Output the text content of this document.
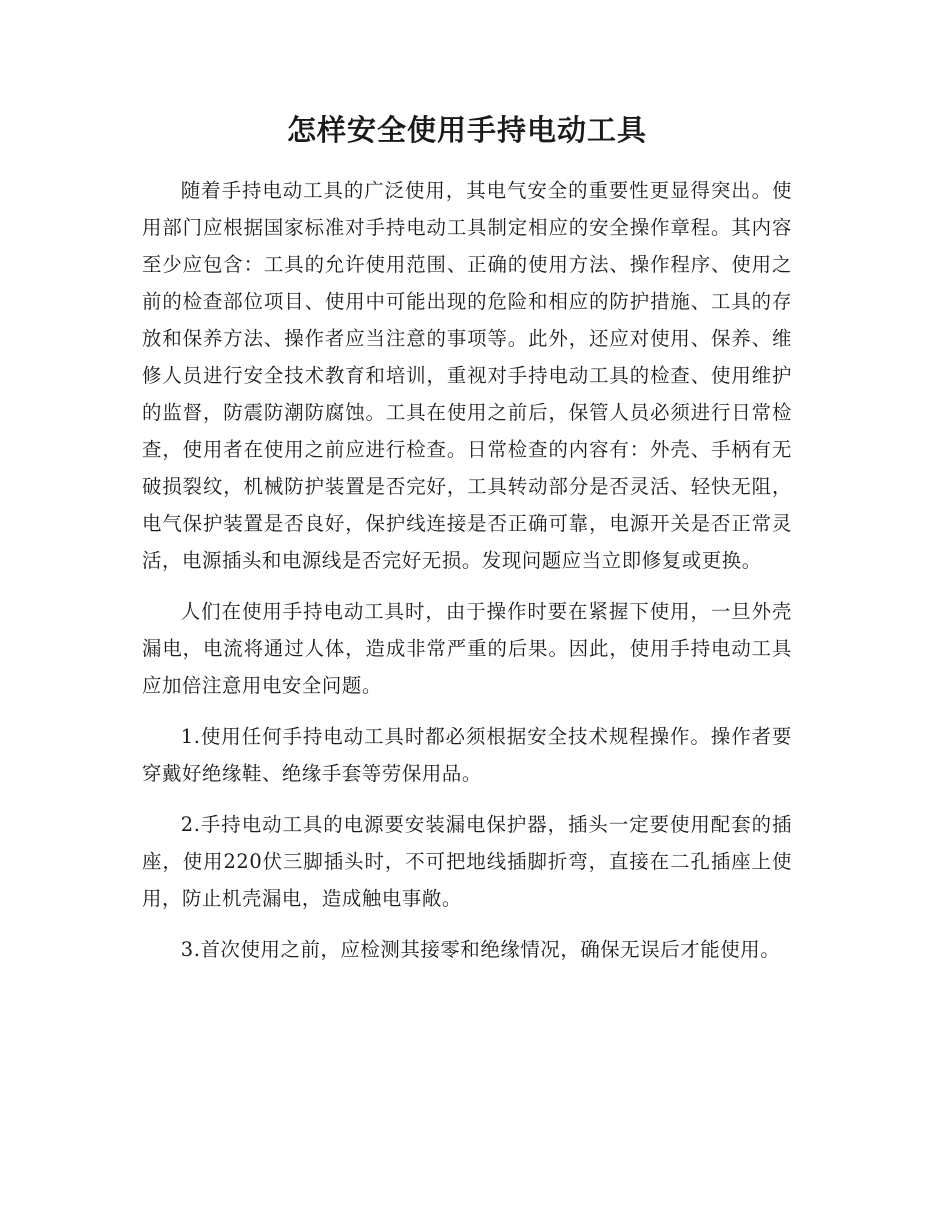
怎样安全使用手持电动工具

随着手持电动工具的广泛使用，其电气安全的重要性更显得突出。使用部门应根据国家标准对手持电动工具制定相应的安全操作章程。其内容至少应包含：工具的允许使用范围、正确的使用方法、操作程序、使用之前的检查部位项目、使用中可能出现的危险和相应的防护措施、工具的存放和保养方法、操作者应当注意的事项等。此外，还应对使用、保养、维修人员进行安全技术教育和培训，重视对手持电动工具的检查、使用维护的监督，防震防潮防腐蚀。工具在使用之前后，保管人员必须进行日常检查，使用者在使用之前应进行检查。日常检查的内容有：外壳、手柄有无破损裂纹，机械防护装置是否完好，工具转动部分是否灵活、轻快无阻，电气保护装置是否良好，保护线连接是否正确可靠，电源开关是否正常灵活，电源插头和电源线是否完好无损。发现问题应当立即修复或更换。

人们在使用手持电动工具时，由于操作时要在紧握下使用，一旦外壳漏电，电流将通过人体，造成非常严重的后果。因此，使用手持电动工具应加倍注意用电安全问题。

1.使用任何手持电动工具时都必须根据安全技术规程操作。操作者要穿戴好绝缘鞋、绝缘手套等劳保用品。

2.手持电动工具的电源要安装漏电保护器，插头一定要使用配套的插座，使用220伏三脚插头时，不可把地线插脚折弯，直接在二孔插座上使用，防止机壳漏电，造成触电事敞。

3.首次使用之前，应检测其接零和绝缘情况，确保无误后才能使用。
